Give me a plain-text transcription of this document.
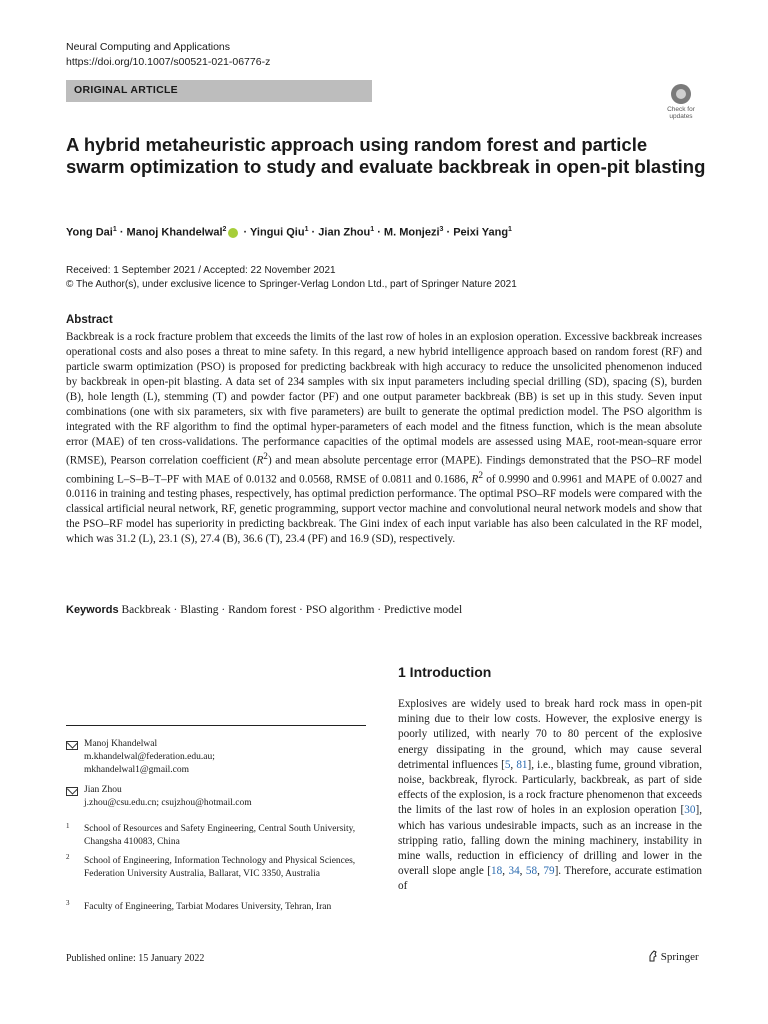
Neural Computing and Applications
https://doi.org/10.1007/s00521-021-06776-z
ORIGINAL ARTICLE
Check for updates
A hybrid metaheuristic approach using random forest and particle swarm optimization to study and evaluate backbreak in open-pit blasting
Yong Dai$^1$ · Manoj Khandelwal$^2$ · Yingui Qiu$^1$ · Jian Zhou$^1$ · M. Monjezi$^3$ · Peixi Yang$^1$
Received: 1 September 2021 / Accepted: 22 November 2021
© The Author(s), under exclusive licence to Springer-Verlag London Ltd., part of Springer Nature 2021
Abstract
Backbreak is a rock fracture problem that exceeds the limits of the last row of holes in an explosion operation. Excessive backbreak increases operational costs and also poses a threat to mine safety. In this regard, a new hybrid intelligence approach based on random forest (RF) and particle swarm optimization (PSO) is proposed for predicting backbreak with high accuracy to reduce the unsolicited phenomenon induced by backbreak in open-pit blasting. A data set of 234 samples with six input parameters including special drilling (SD), spacing (S), burden (B), hole length (L), stemming (T) and powder factor (PF) and one output parameter backbreak (BB) is set up in this study. Seven input combinations (one with six parameters, six with five parameters) are built to generate the optimal prediction model. The PSO algorithm is integrated with the RF algorithm to find the optimal hyper-parameters of each model and the fitness function, which is the mean absolute error (MAE) of ten cross-validations. The performance capacities of the optimal models are assessed using MAE, root-mean-square error (RMSE), Pearson correlation coefficient $(R^2)$ and mean absolute percentage error (MAPE). Findings demonstrated that the PSO–RF model combining L–S–B–T–PF with MAE of 0.0132 and 0.0568, RMSE of 0.0811 and 0.1686, $R^2$ of 0.9990 and 0.9961 and MAPE of 0.0027 and 0.0116 in training and testing phases, respectively, has optimal prediction performance. The optimal PSO–RF models were compared with the classical artificial neural network, RF, genetic programming, support vector machine and convolutional neural network models and show that the PSO–RF model has superiority in predicting backbreak. The Gini index of each input variable has also been calculated in the RF model, which was 31.2 (L), 23.1 (S), 27.4 (B), 36.6 (T), 23.4 (PF) and 16.9 (SD), respectively.
Keywords Backbreak · Blasting · Random forest · PSO algorithm · Predictive model
1 Introduction
Explosives are widely used to break hard rock mass in open-pit mining due to their low costs. However, the explosive energy is poorly utilized, with nearly 70 to 80 percent of the explosive energy dissipating in the ground, which may cause several detrimental influences [5, 81], i.e., blasting fume, ground vibration, noise, backbreak, flyrock. Particularly, backbreak, as part of side effects of the explosion, is a rock fracture phenomenon that exceeds the limits of the last row of holes in an explosion operation [30], which has various undesirable impacts, such as an increase in the stripping ratio, falling down the mining machinery, instability in mine walls, reduction in efficiency of drilling and lower in the overall slope angle [18, 34, 58, 79]. Therefore, accurate estimation of
Manoj Khandelwal
m.khandelwal@federation.edu.au;
mkhandelwal1@gmail.com
Jian Zhou
j.zhou@csu.edu.cn; csujzhou@hotmail.com
1 School of Resources and Safety Engineering, Central South University, Changsha 410083, China
2 School of Engineering, Information Technology and Physical Sciences, Federation University Australia, Ballarat, VIC 3350, Australia
3 Faculty of Engineering, Tarbiat Modares University, Tehran, Iran
Published online: 15 January 2022	Springer
